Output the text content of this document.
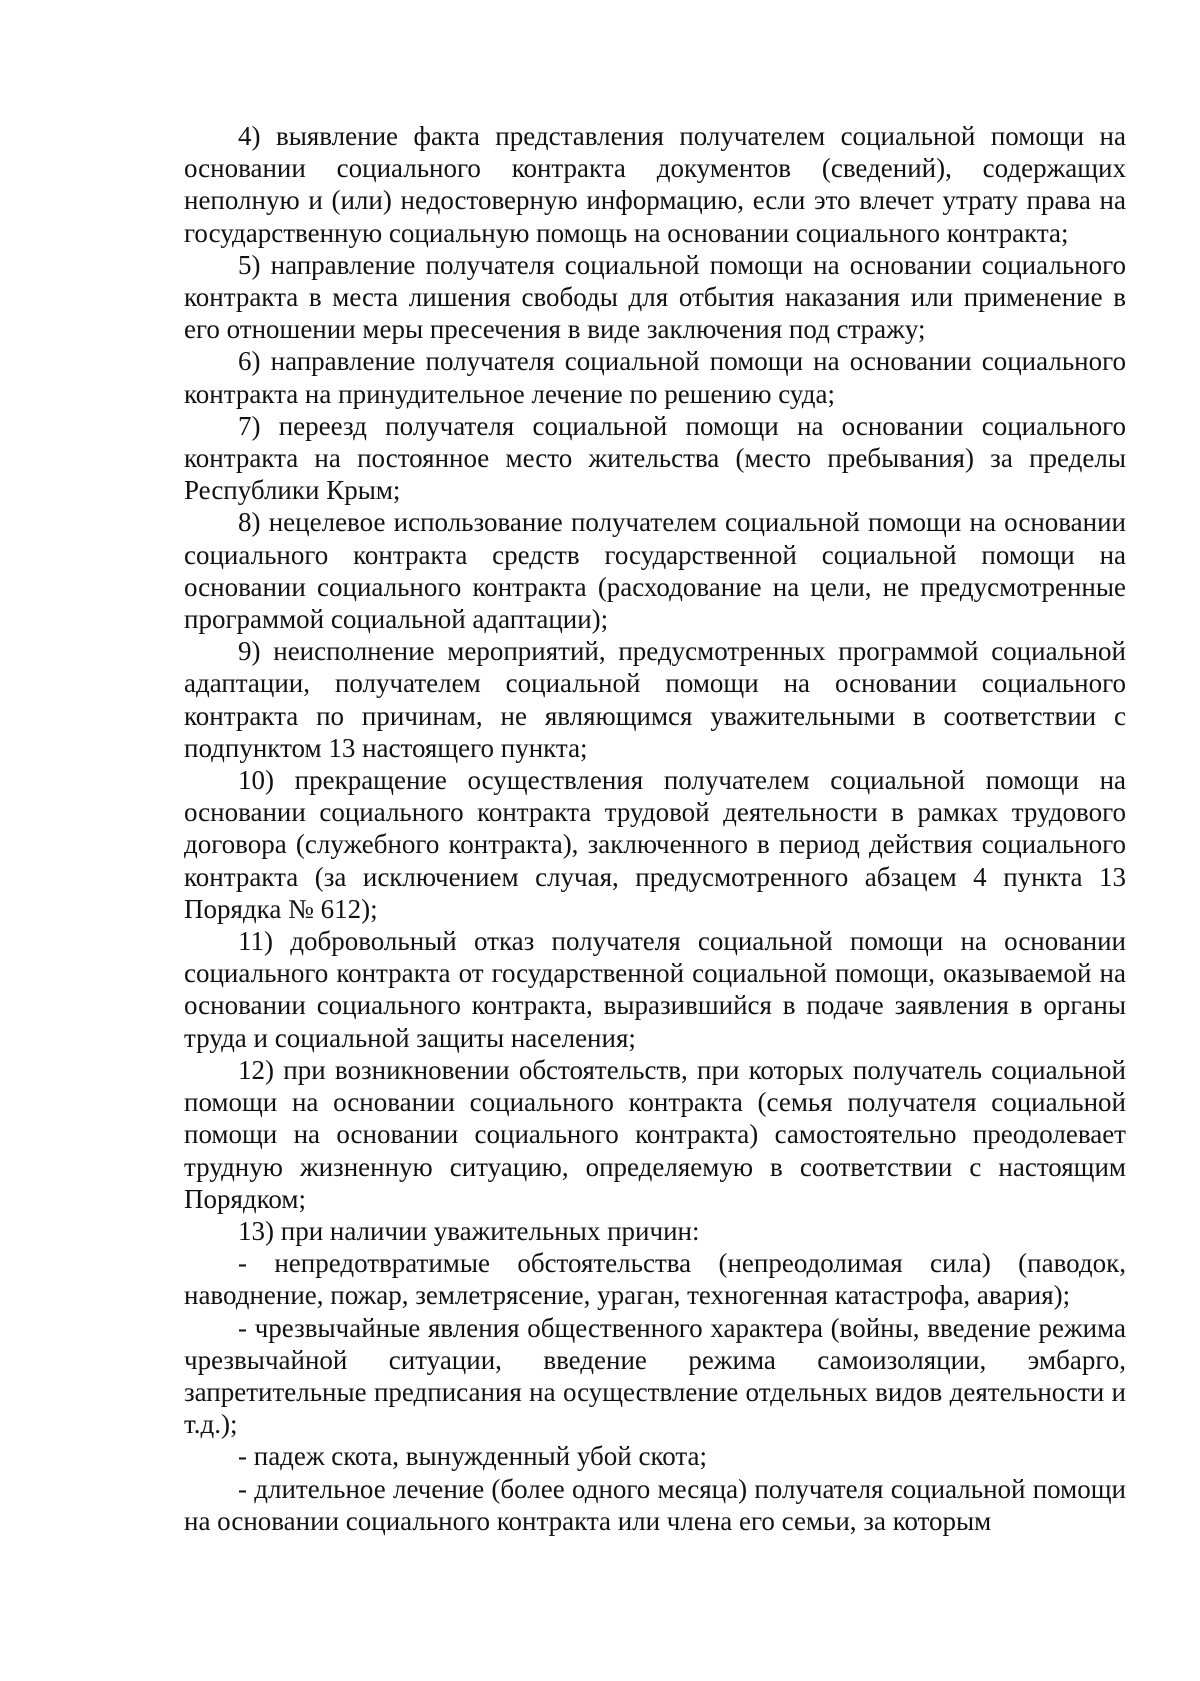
4) выявление факта представления получателем социальной помощи на основании социального контракта документов (сведений), содержащих неполную и (или) недостоверную информацию, если это влечет утрату права на государственную социальную помощь на основании социального контракта;

5) направление получателя социальной помощи на основании социального контракта в места лишения свободы для отбытия наказания или применение в его отношении меры пресечения в виде заключения под стражу;

6) направление получателя социальной помощи на основании социального контракта на принудительное лечение по решению суда;

7) переезд получателя социальной помощи на основании социального контракта на постоянное место жительства (место пребывания) за пределы Республики Крым;

8) нецелевое использование получателем социальной помощи на основании социального контракта средств государственной социальной помощи на основании социального контракта (расходование на цели, не предусмотренные программой социальной адаптации);

9) неисполнение мероприятий, предусмотренных программой социальной адаптации, получателем социальной помощи на основании социального контракта по причинам, не являющимся уважительными в соответствии с подпунктом 13 настоящего пункта;

10) прекращение осуществления получателем социальной помощи на основании социального контракта трудовой деятельности в рамках трудового договора (служебного контракта), заключенного в период действия социального контракта (за исключением случая, предусмотренного абзацем 4 пункта 13 Порядка № 612);

11) добровольный отказ получателя социальной помощи на основании социального контракта от государственной социальной помощи, оказываемой на основании социального контракта, выразившийся в подаче заявления в органы труда и социальной защиты населения;

12) при возникновении обстоятельств, при которых получатель социальной помощи на основании социального контракта (семья получателя социальной помощи на основании социального контракта) самостоятельно преодолевает трудную жизненную ситуацию, определяемую в соответствии с настоящим Порядком;

13) при наличии уважительных причин:

- непредотвратимые обстоятельства (непреодолимая сила) (паводок, наводнение, пожар, землетрясение, ураган, техногенная катастрофа, авария);

- чрезвычайные явления общественного характера (войны, введение режима чрезвычайной ситуации, введение режима самоизоляции, эмбарго, запретительные предписания на осуществление отдельных видов деятельности и т.д.);

- падеж скота, вынужденный убой скота;

- длительное лечение (более одного месяца) получателя социальной помощи на основании социального контракта или члена его семьи, за которым
